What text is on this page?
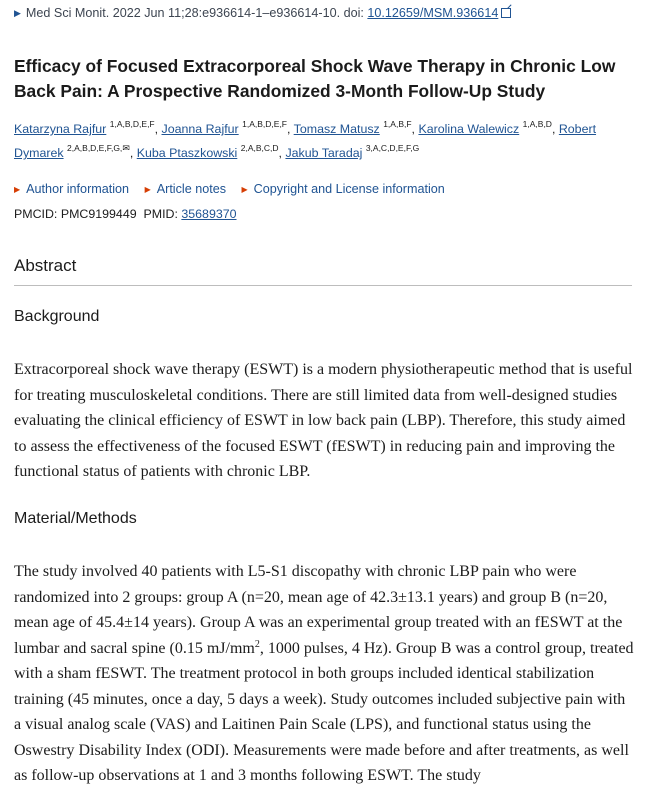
▶ Med Sci Monit. 2022 Jun 11;28:e936614-1–e936614-10. doi: 10.12659/MSM.936614
Efficacy of Focused Extracorporeal Shock Wave Therapy in Chronic Low Back Pain: A Prospective Randomized 3-Month Follow-Up Study
Katarzyna Rajfur $^{1,A,B,D,E,F}$, Joanna Rajfur $^{1,A,B,D,E,F}$, Tomasz Matusz $^{1,A,B,F}$, Karolina Walewicz $^{1,A,B,D}$, Robert Dymarek $^{2,A,B,D,E,F,G,✉}$, Kuba Ptaszkowski $^{2,A,B,C,D}$, Jakub Taradaj $^{3,A,C,D,E,F,G}$
▶ Author information ▶ Article notes ▶ Copyright and License information
PMCID: PMC9199449 PMID: 35689370
Abstract
Background

Extracorporeal shock wave therapy (ESWT) is a modern physiotherapeutic method that is useful for treating musculoskeletal conditions. There are still limited data from well-designed studies evaluating the clinical efficiency of ESWT in low back pain (LBP). Therefore, this study aimed to assess the effectiveness of the focused ESWT (fESWT) in reducing pain and improving the functional status of patients with chronic LBP.

Material/Methods

The study involved 40 patients with L5-S1 discopathy with chronic LBP pain who were randomized into 2 groups: group A (n=20, mean age of 42.3±13.1 years) and group B (n=20, mean age of 45.4±14 years). Group A was an experimental group treated with an fESWT at the lumbar and sacral spine (0.15 $mJ/mm^2$, 1000 pulses, 4 Hz). Group B was a control group, treated with a sham fESWT. The treatment protocol in both groups included identical stabilization training (45 minutes, once a day, 5 days a week). Study outcomes included subjective pain with a visual analog scale (VAS) and Laitinen Pain Scale (LPS), and functional status using the Oswestry Disability Index (ODI). Measurements were made before and after treatments, as well as follow-up observations at 1 and 3 months following ESWT. The study
